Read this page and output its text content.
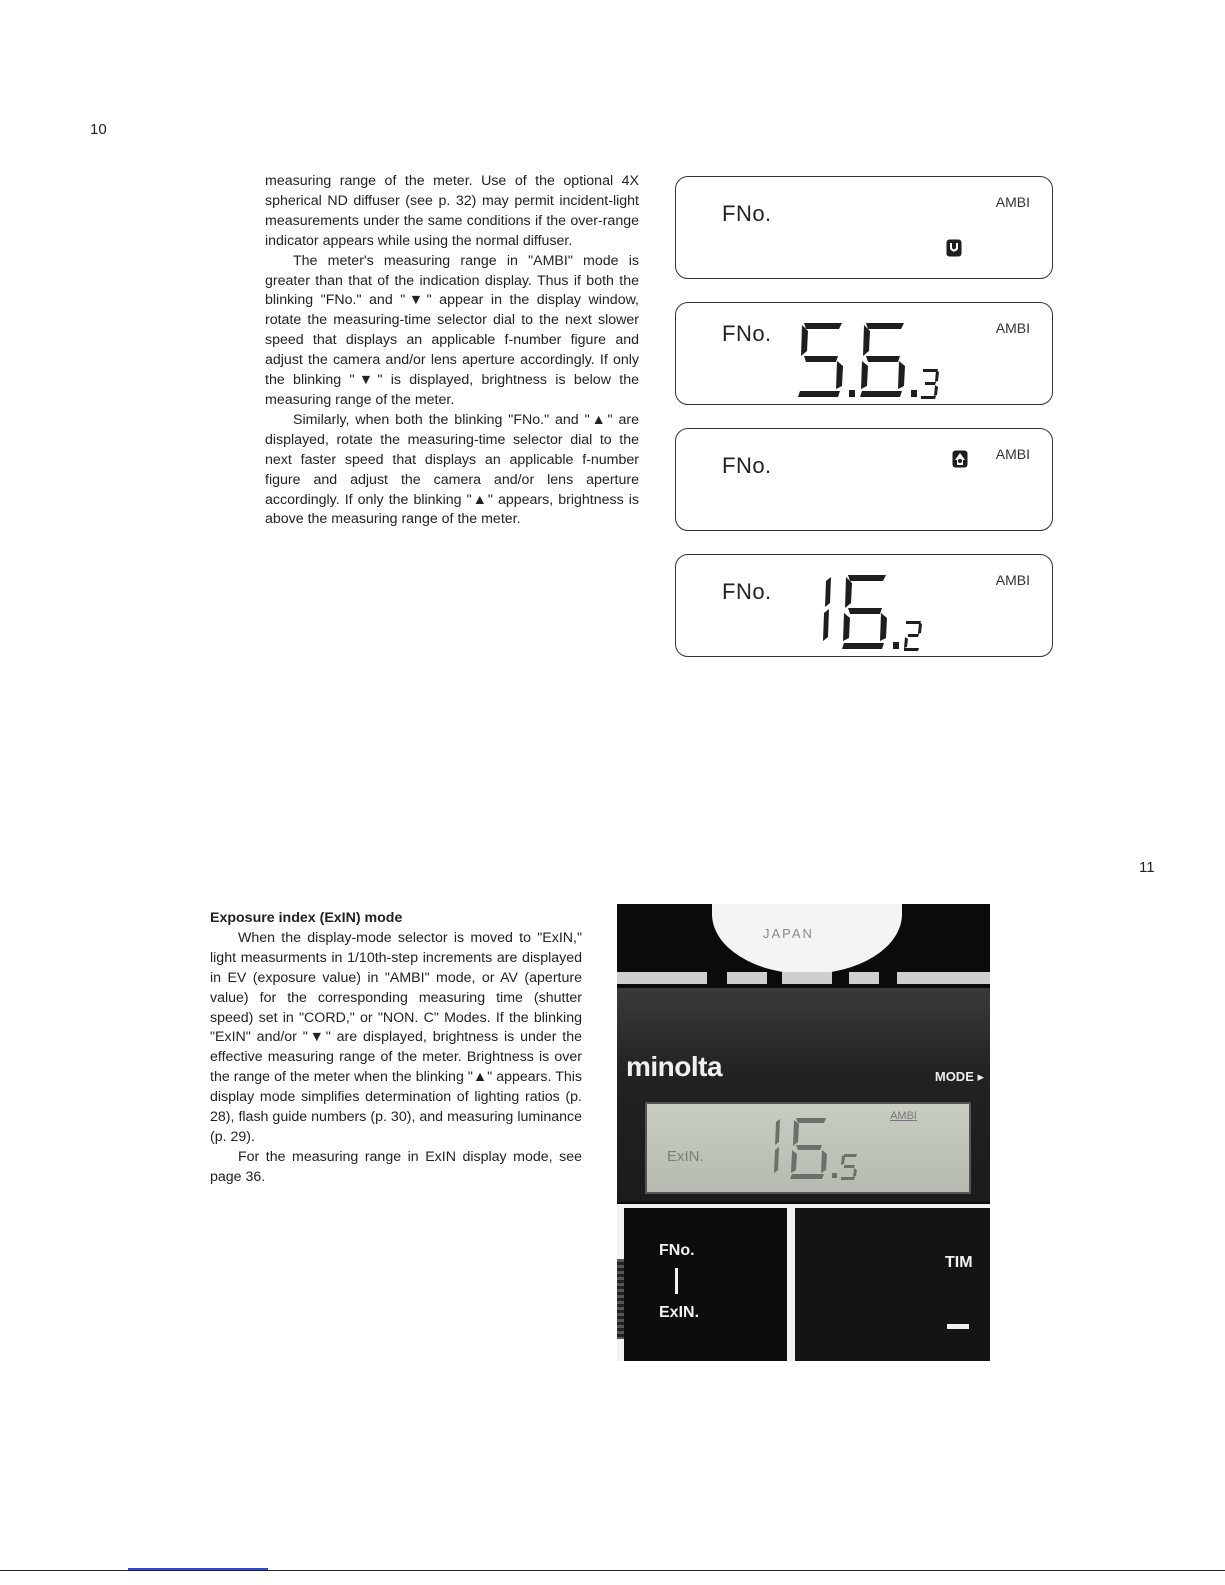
10
11

measuring range of the meter. Use of the optional 4X spherical ND diffuser (see p. 32) may permit incident-light measurements under the same conditions if the over-range indicator appears while using the normal diffuser.

The meter's measuring range in "AMBI" mode is greater than that of the indication display. Thus if both the blinking "FNo." and "▼" appear in the display window, rotate the measuring-time selector dial to the next slower speed that displays an applicable f-number figure and adjust the camera and/or lens aperture accordingly. If only the blinking "▼" is displayed, brightness is below the measuring range of the meter.

Similarly, when both the blinking "FNo." and "▲" are displayed, rotate the measuring-time selector dial to the next faster speed that displays an applicable f-number figure and adjust the camera and/or lens aperture accordingly. If only the blinking "▲" appears, brightness is above the measuring range of the meter.

FNo.	AMBI
FNo.	AMBI
FNo.	AMBI
FNo.	AMBI

Exposure index (ExIN) mode

When the display-mode selector is moved to "ExIN," light measurments in 1/10th-step increments are displayed in EV (exposure value) in "AMBI" mode, or AV (aperture value) for the corresponding measuring time (shutter speed) set in "CORD," or "NON. C" Modes. If the blinking "ExIN" and/or "▼" are displayed, brightness is under the effective measuring range of the meter. Brightness is over the range of the meter when the blinking "▲" appears. This display mode simplifies determination of lighting ratios (p. 28), flash guide numbers (p. 30), and measuring luminance (p. 29).

For the measuring range in ExIN display mode, see page 36.

JAPAN
minolta	MODE ▸
AMBI
ExIN.
FNo.
ExIN.
TIM
